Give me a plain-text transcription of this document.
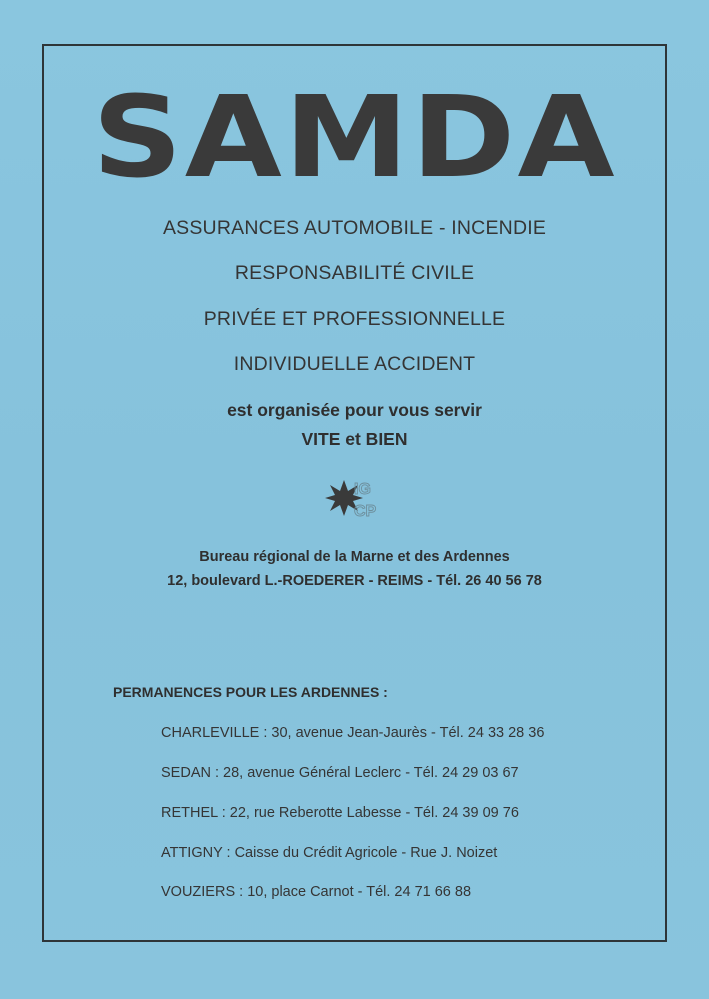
SAMDA
ASSURANCES AUTOMOBILE - INCENDIE
RESPONSABILITÉ CIVILE
PRIVÉE ET PROFESSIONNELLE
INDIVIDUELLE ACCIDENT
est organisée pour vous servir
VITE et BIEN
IG
CP
Bureau régional de la Marne et des Ardennes
12, boulevard L.-ROEDERER - REIMS - Tél. 26 40 56 78
PERMANENCES POUR LES ARDENNES :
CHARLEVILLE : 30, avenue Jean-Jaurès - Tél. 24 33 28 36
SEDAN : 28, avenue Général Leclerc - Tél. 24 29 03 67
RETHEL : 22, rue Reberotte Labesse - Tél. 24 39 09 76
ATTIGNY : Caisse du Crédit Agricole - Rue J. Noizet
VOUZIERS : 10, place Carnot - Tél. 24 71 66 88
